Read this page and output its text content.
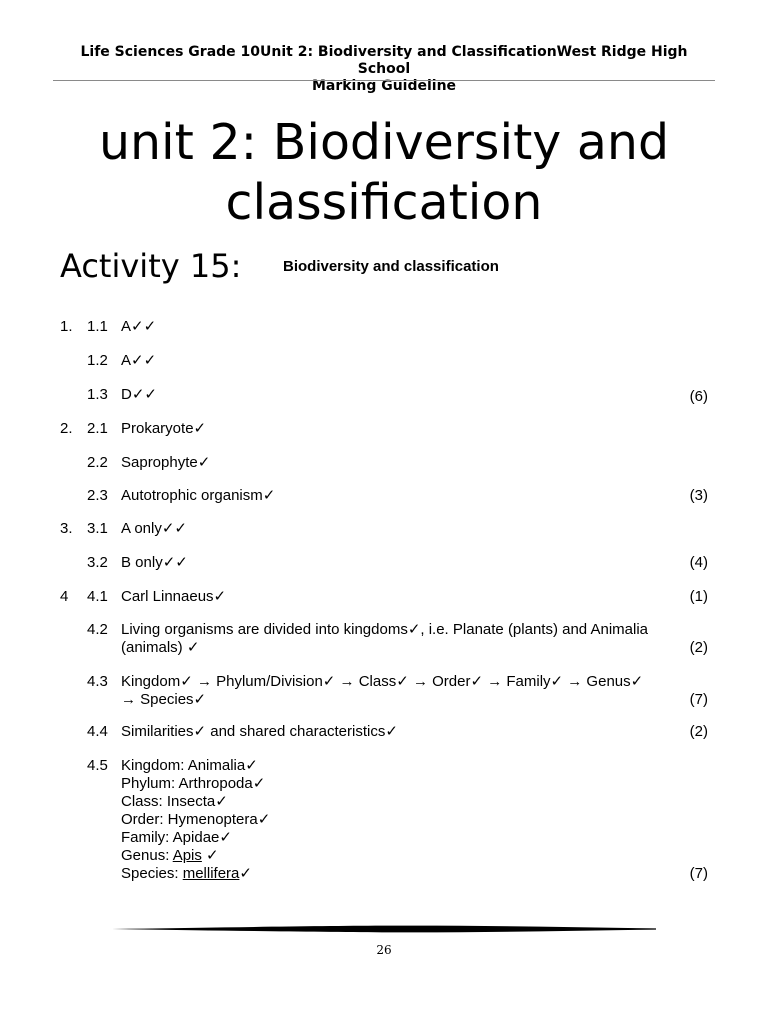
Life Sciences Grade 10Unit 2: Biodiversity and ClassificationWest Ridge High School
Marking Guideline
unit 2: Biodiversity and
classification
Activity 15:	Biodiversity and classification
1. 1.1 A✓✓
1.2 A✓✓
1.3 D✓✓	(6)
2. 2.1 Prokaryote✓
2.2 Saprophyte✓
2.3 Autotrophic organism✓	(3)
3. 3.1 A only✓✓
3.2 B only✓✓	(4)
4 4.1 Carl Linnaeus✓	(1)
4.2 Living organisms are divided into kingdoms✓, i.e. Planate (plants) and Animalia (animals) ✓	(2)
4.3 Kingdom✓ → Phylum/Division✓ → Class✓ → Order✓ → Family✓ → Genus✓ → Species✓	(7)
4.4 Similarities✓ and shared characteristics✓	(2)
4.5 Kingdom: Animalia✓
Phylum: Arthropoda✓
Class: Insecta✓
Order: Hymenoptera✓
Family: Apidae✓
Genus: Apis ✓
Species: mellifera✓	(7)
26
